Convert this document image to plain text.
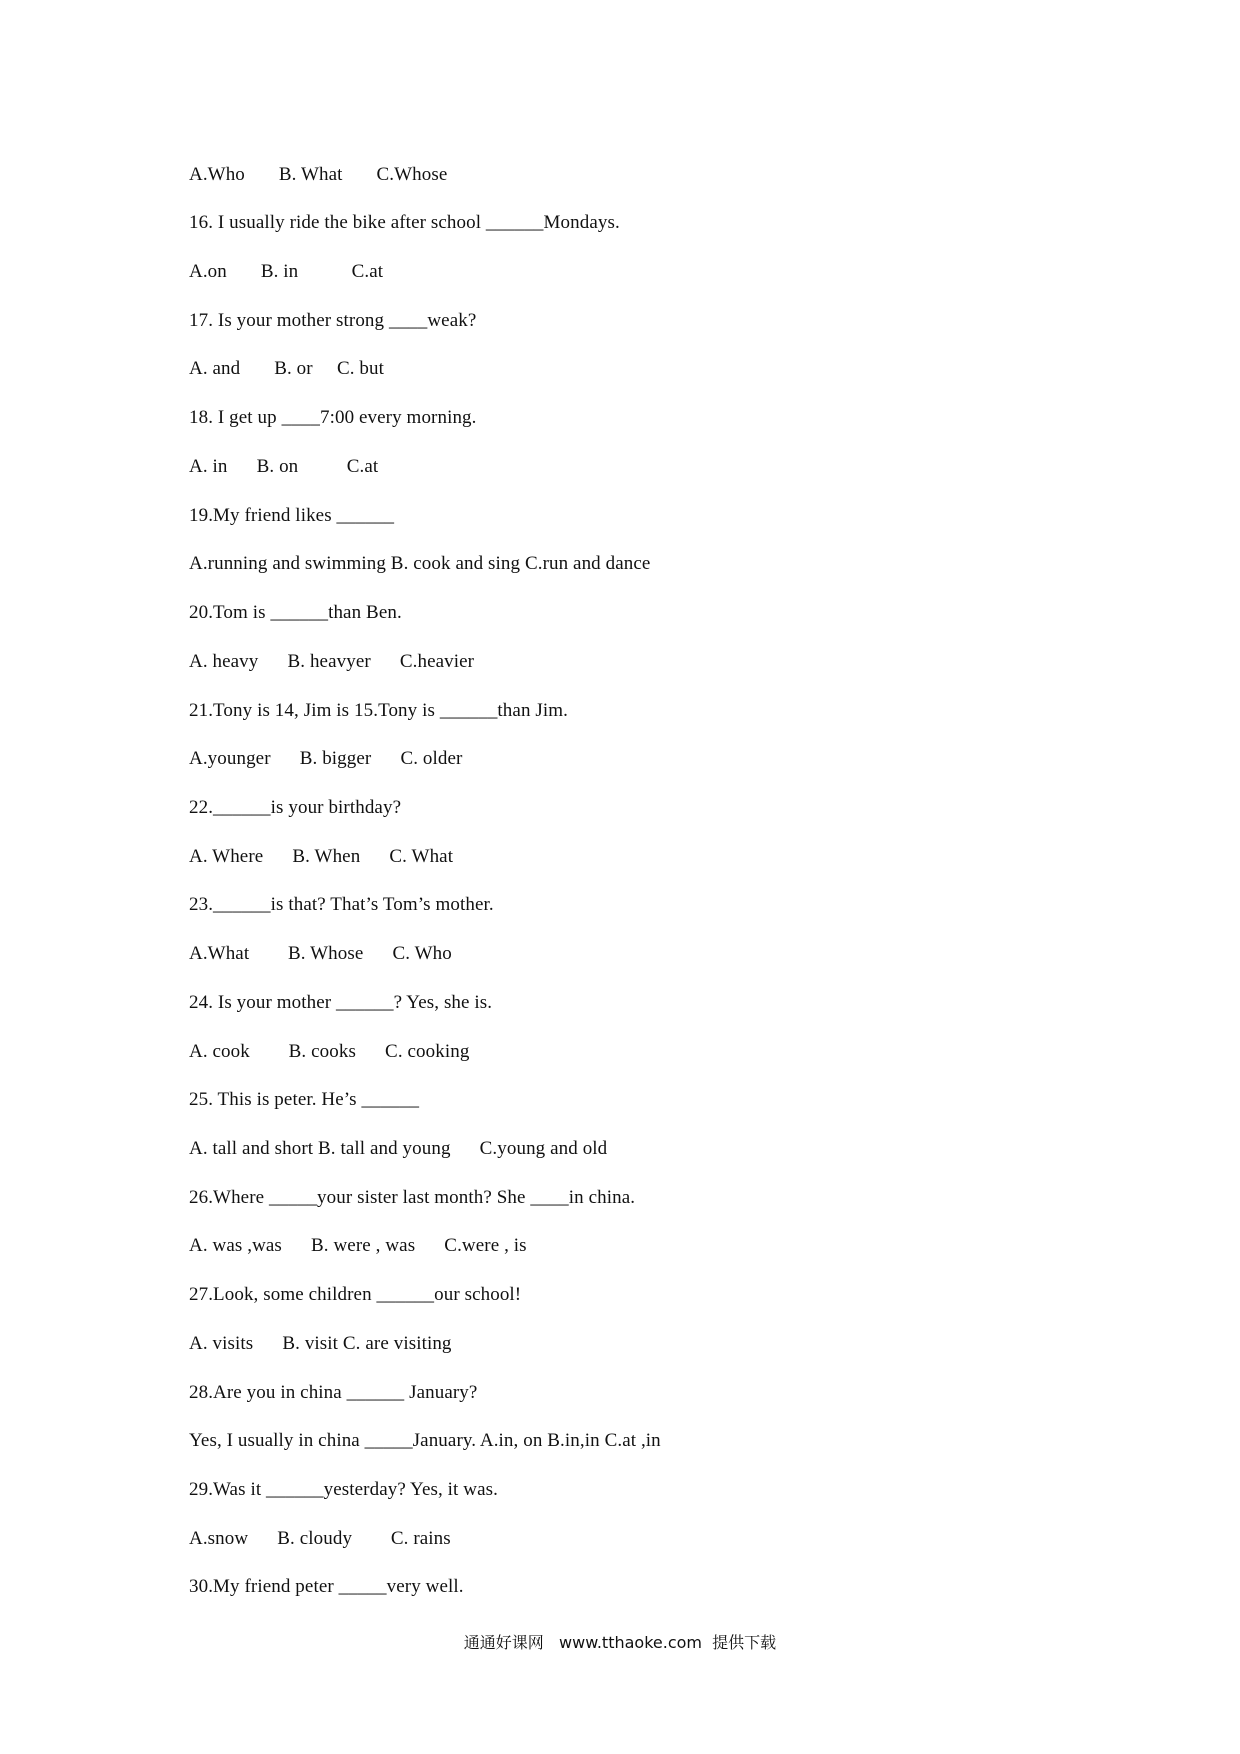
A.Who       B. What       C.Whose
16. I usually ride the bike after school ______Mondays.
A.on       B. in           C.at
17. Is your mother strong ____weak?
A. and       B. or     C. but
18. I get up ____7:00 every morning.
A. in      B. on          C.at
19.My friend likes ______
A.running and swimming B. cook and sing C.run and dance
20.Tom is ______than Ben.
A. heavy      B. heavyer      C.heavier
21.Tony is 14, Jim is 15.Tony is ______than Jim.
A.younger      B. bigger      C. older
22.______is your birthday?
A. Where      B. When      C. What
23.______is that? That’s Tom’s mother.
A.What        B. Whose      C. Who
24. Is your mother ______? Yes, she is.
A. cook        B. cooks      C. cooking
25. This is peter. He’s ______
A. tall and short B. tall and young      C.young and old
26.Where _____your sister last month? She ____in china.
A. was ,was      B. were , was      C.were , is
27.Look, some children ______our school!
A. visits      B. visit C. are visiting
28.Are you in china ______ January?
Yes, I usually in china _____January. A.in, on B.in,in C.at ,in
29.Was it ______yesterday? Yes, it was.
A.snow      B. cloudy        C. rains
30.My friend peter _____very well.
通通好课网   www.tthaoke.com  提供下载
